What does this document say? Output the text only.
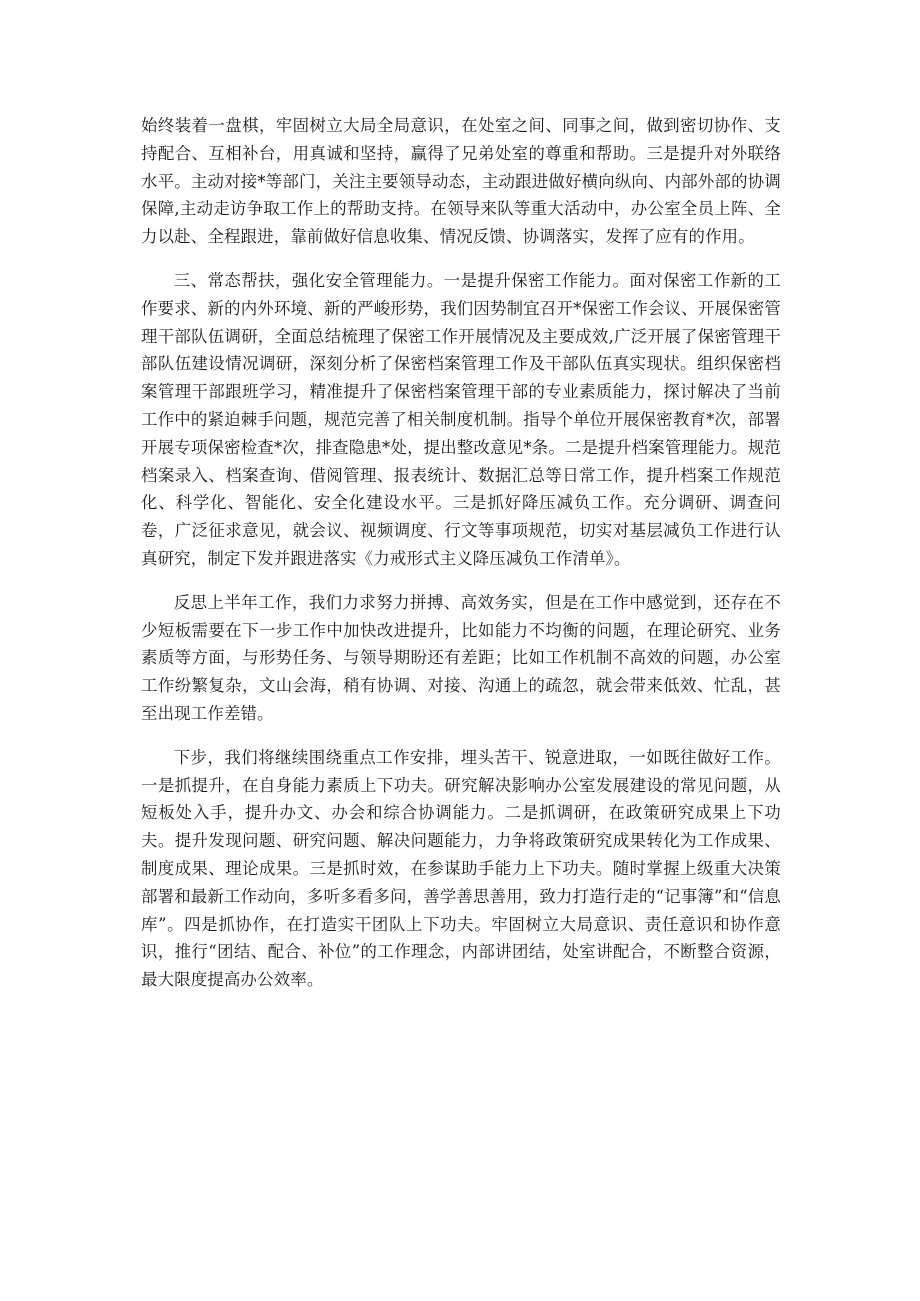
始终装着一盘棋，牢固树立大局全局意识，在处室之间、同事之间，做到密切协作、支持配合、互相补台，用真诚和坚持，赢得了兄弟处室的尊重和帮助。三是提升对外联络水平。主动对接*等部门，关注主要领导动态，主动跟进做好横向纵向、内部外部的协调保障,主动走访争取工作上的帮助支持。在领导来队等重大活动中，办公室全员上阵、全力以赴、全程跟进，靠前做好信息收集、情况反馈、协调落实，发挥了应有的作用。

三、常态帮扶，强化安全管理能力。一是提升保密工作能力。面对保密工作新的工作要求、新的内外环境、新的严峻形势，我们因势制宜召开*保密工作会议、开展保密管理干部队伍调研，全面总结梳理了保密工作开展情况及主要成效,广泛开展了保密管理干部队伍建设情况调研，深刻分析了保密档案管理工作及干部队伍真实现状。组织保密档案管理干部跟班学习，精准提升了保密档案管理干部的专业素质能力，探讨解决了当前工作中的紧迫棘手问题，规范完善了相关制度机制。指导个单位开展保密教育*次，部署开展专项保密检查*次，排查隐患*处，提出整改意见*条。二是提升档案管理能力。规范档案录入、档案查询、借阅管理、报表统计、数据汇总等日常工作，提升档案工作规范化、科学化、智能化、安全化建设水平。三是抓好降压减负工作。充分调研、调查问卷，广泛征求意见，就会议、视频调度、行文等事项规范，切实对基层减负工作进行认真研究，制定下发并跟进落实《力戒形式主义降压减负工作清单》。

反思上半年工作，我们力求努力拼搏、高效务实，但是在工作中感觉到，还存在不少短板需要在下一步工作中加快改进提升，比如能力不均衡的问题，在理论研究、业务素质等方面，与形势任务、与领导期盼还有差距；比如工作机制不高效的问题，办公室工作纷繁复杂，文山会海，稍有协调、对接、沟通上的疏忽，就会带来低效、忙乱，甚至出现工作差错。

下步，我们将继续围绕重点工作安排，埋头苦干、锐意进取，一如既往做好工作。一是抓提升，在自身能力素质上下功夫。研究解决影响办公室发展建设的常见问题，从短板处入手，提升办文、办会和综合协调能力。二是抓调研，在政策研究成果上下功夫。提升发现问题、研究问题、解决问题能力，力争将政策研究成果转化为工作成果、制度成果、理论成果。三是抓时效，在参谋助手能力上下功夫。随时掌握上级重大决策部署和最新工作动向，多听多看多问，善学善思善用，致力打造行走的“记事簿”和“信息库”。四是抓协作，在打造实干团队上下功夫。牢固树立大局意识、责任意识和协作意识，推行“团结、配合、补位”的工作理念，内部讲团结，处室讲配合，不断整合资源，最大限度提高办公效率。
